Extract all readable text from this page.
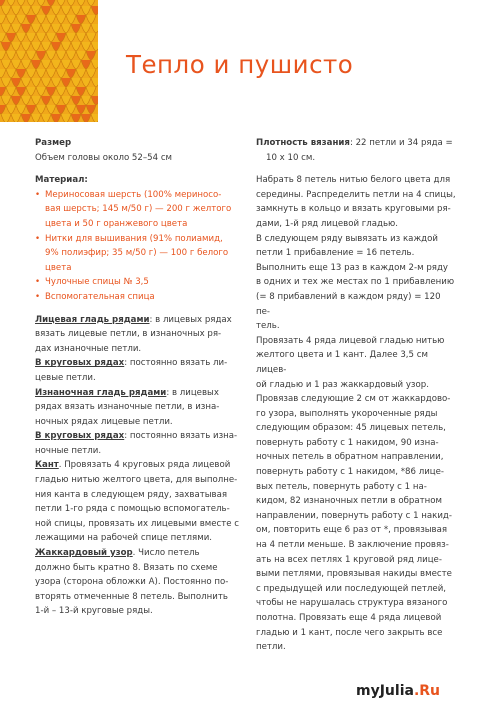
Тепло и пушисто

Размер

Объем головы около 52–54 см

Материал:

• Мериносовая шерсть (100% мериносо-
вая шерсть; 145 м/50 г) — 200 г желтого
цвета и 50 г оранжевого цвета
• Нитки для вышивания (91% полиамид,
9% полиэфир; 35 м/50 г) — 100 г белого
цвета
• Чулочные спицы № 3,5
• Вспомогательная спица
Лицевая гладь рядами: в лицевых рядах
вязать лицевые петли, в изнаночных ря-
дах изнаночные петли.
В круговых рядах: постоянно вязать ли-
цевые петли.
Изнаночная гладь рядами: в лицевых
рядах вязать изнаночные петли, в изна-
ночных рядах лицевые петли.
В круговых рядах: постоянно вязать изна-
ночные петли.
Кант. Провязать 4 круговых ряда лицевой
гладью нитью желтого цвета, для выполне-
ния канта в следующем ряду, захватывая
петли 1-го ряда с помощью вспомогатель-
ной спицы, провязать их лицевыми вместе с
лежащими на рабочей спице петлями.
Жаккардовый узор. Число петель
должно быть кратно 8. Вязать по схеме
узора (сторона обложки А). Постоянно по-
вторять отмеченные 8 петель. Выполнить
1-й – 13-й круговые ряды.
Плотность вязания: 22 петли и 34 ряда =
10 х 10 см.
Набрать 8 петель нитью белого цвета для
середины. Распределить петли на 4 спицы,
замкнуть в кольцо и вязать круговыми ря-
дами, 1-й ряд лицевой гладью.
В следующем ряду вывязать из каждой
петли 1 прибавление = 16 петель.
Выполнить еще 13 раз в каждом 2-м ряду
в одних и тех же местах по 1 прибавлению
(= 8 прибавлений в каждом ряду) = 120 пе-
тель.
Провязать 4 ряда лицевой гладью нитью
желтого цвета и 1 кант. Далее 3,5 см лицев-
ой гладью и 1 раз жаккардовый узор.
Провязав следующие 2 см от жаккардово-
го узора, выполнять укороченные ряды
следующим образом: 45 лицевых петель,
повернуть работу с 1 накидом, 90 изна-
ночных петель в обратном направлении,
повернуть работу с 1 накидом, *86 лице-
вых петель, повернуть работу с 1 на-
кидом, 82 изнаночных петли в обратном
направлении, повернуть работу с 1 накид-
ом, повторить еще 6 раз от *, провязывая
на 4 петли меньше. В заключение провяз-
ать на всех петлях 1 круговой ряд лице-
выми петлями, провязывая накиды вместе
с предыдущей или последующей петлей,
чтобы не нарушалась структура вязаного
полотна. Провязать еще 4 ряда лицевой
гладью и 1 кант, после чего закрыть все
петли.
myJulia.Ru
